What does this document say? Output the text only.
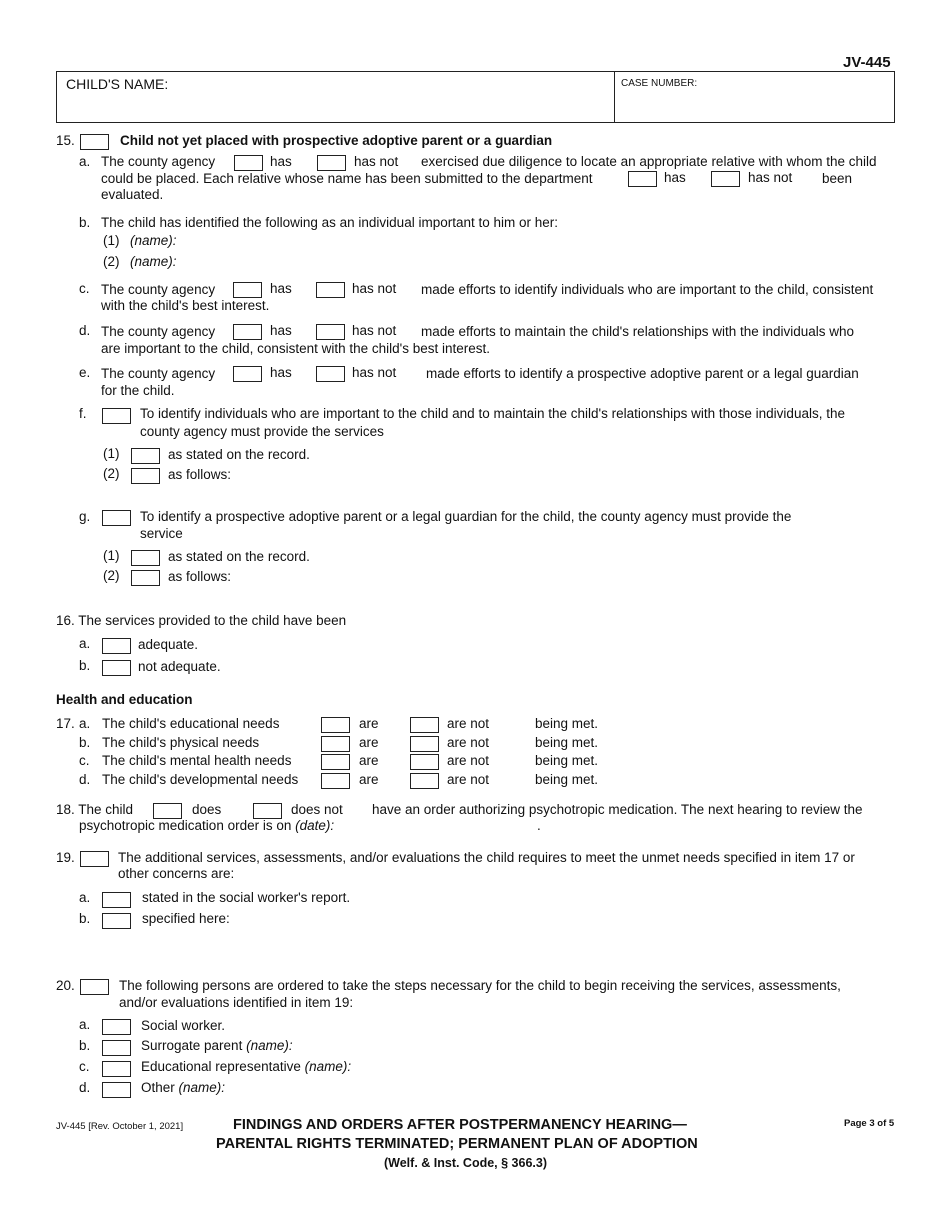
JV-445
CHILD'S NAME:	CASE NUMBER:
15.	Child not yet placed with prospective adoptive parent or a guardian
a. The county agency	has	has not exercised due diligence to locate an appropriate relative with whom the child
could be placed. Each relative whose name has been submitted to the department	has	has not been
evaluated.
b. The child has identified the following as an individual important to him or her:
(1) (name):
(2) (name):
c. The county agency	has	has not made efforts to identify individuals who are important to the child, consistent
with the child's best interest.
d. The county agency	has	has not made efforts to maintain the child's relationships with the individuals who
are important to the child, consistent with the child's best interest.
e. The county agency	has	has not made efforts to identify a prospective adoptive parent or a legal guardian
for the child.
f.	To identify individuals who are important to the child and to maintain the child's relationships with those individuals, the
county agency must provide the services
(1)	as stated on the record.
(2)	as follows:
g.	To identify a prospective adoptive parent or a legal guardian for the child, the county agency must provide the
service
(1)	as stated on the record.
(2)	as follows:
16. The services provided to the child have been
a.	adequate.
b.	not adequate.
Health and education
17. a. The child's educational needs	are	are not	being met.
b. The child's physical needs	are	are not	being met.
c. The child's mental health needs	are	are not	being met.
d. The child's developmental needs	are	are not	being met.
18. The child	does	does not have an order authorizing psychotropic medication. The next hearing to review the
psychotropic medication order is on (date):	.
19.	The additional services, assessments, and/or evaluations the child requires to meet the unmet needs specified in item 17 or
other concerns are:
a.	stated in the social worker's report.
b.	specified here:
20.	The following persons are ordered to take the steps necessary for the child to begin receiving the services, assessments,
and/or evaluations identified in item 19:
a.	Social worker.
b.	Surrogate parent (name):
c.	Educational representative (name):
d.	Other (name):
JV-445 [Rev. October 1, 2021]	FINDINGS AND ORDERS AFTER POSTPERMANENCY HEARING—
PARENTAL RIGHTS TERMINATED; PERMANENT PLAN OF ADOPTION
(Welf. & Inst. Code, § 366.3)
Page 3 of 5
